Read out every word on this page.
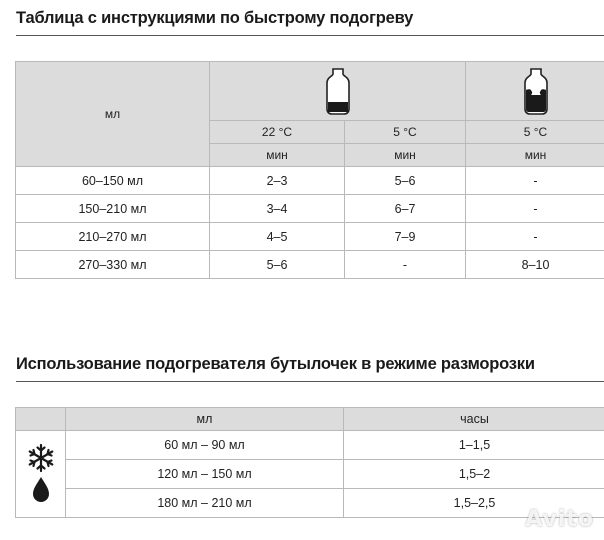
Таблица с инструкциями по быстрому подогреву
мл	

	22 °C	5 °C	5 °C
	мин	мин	мин
60–150 мл	2–3	5–6	-
150–210 мл	3–4	6–7	-
210–270 мл	4–5	7–9	-
270–330 мл	5–6	-	8–10
Использование подогревателя бутылочек в режиме разморозки
	мл	часы

	60 мл – 90 мл	1–1,5
	120 мл – 150 мл	1,5–2
	180 мл – 210 мл	1,5–2,5
Avito
